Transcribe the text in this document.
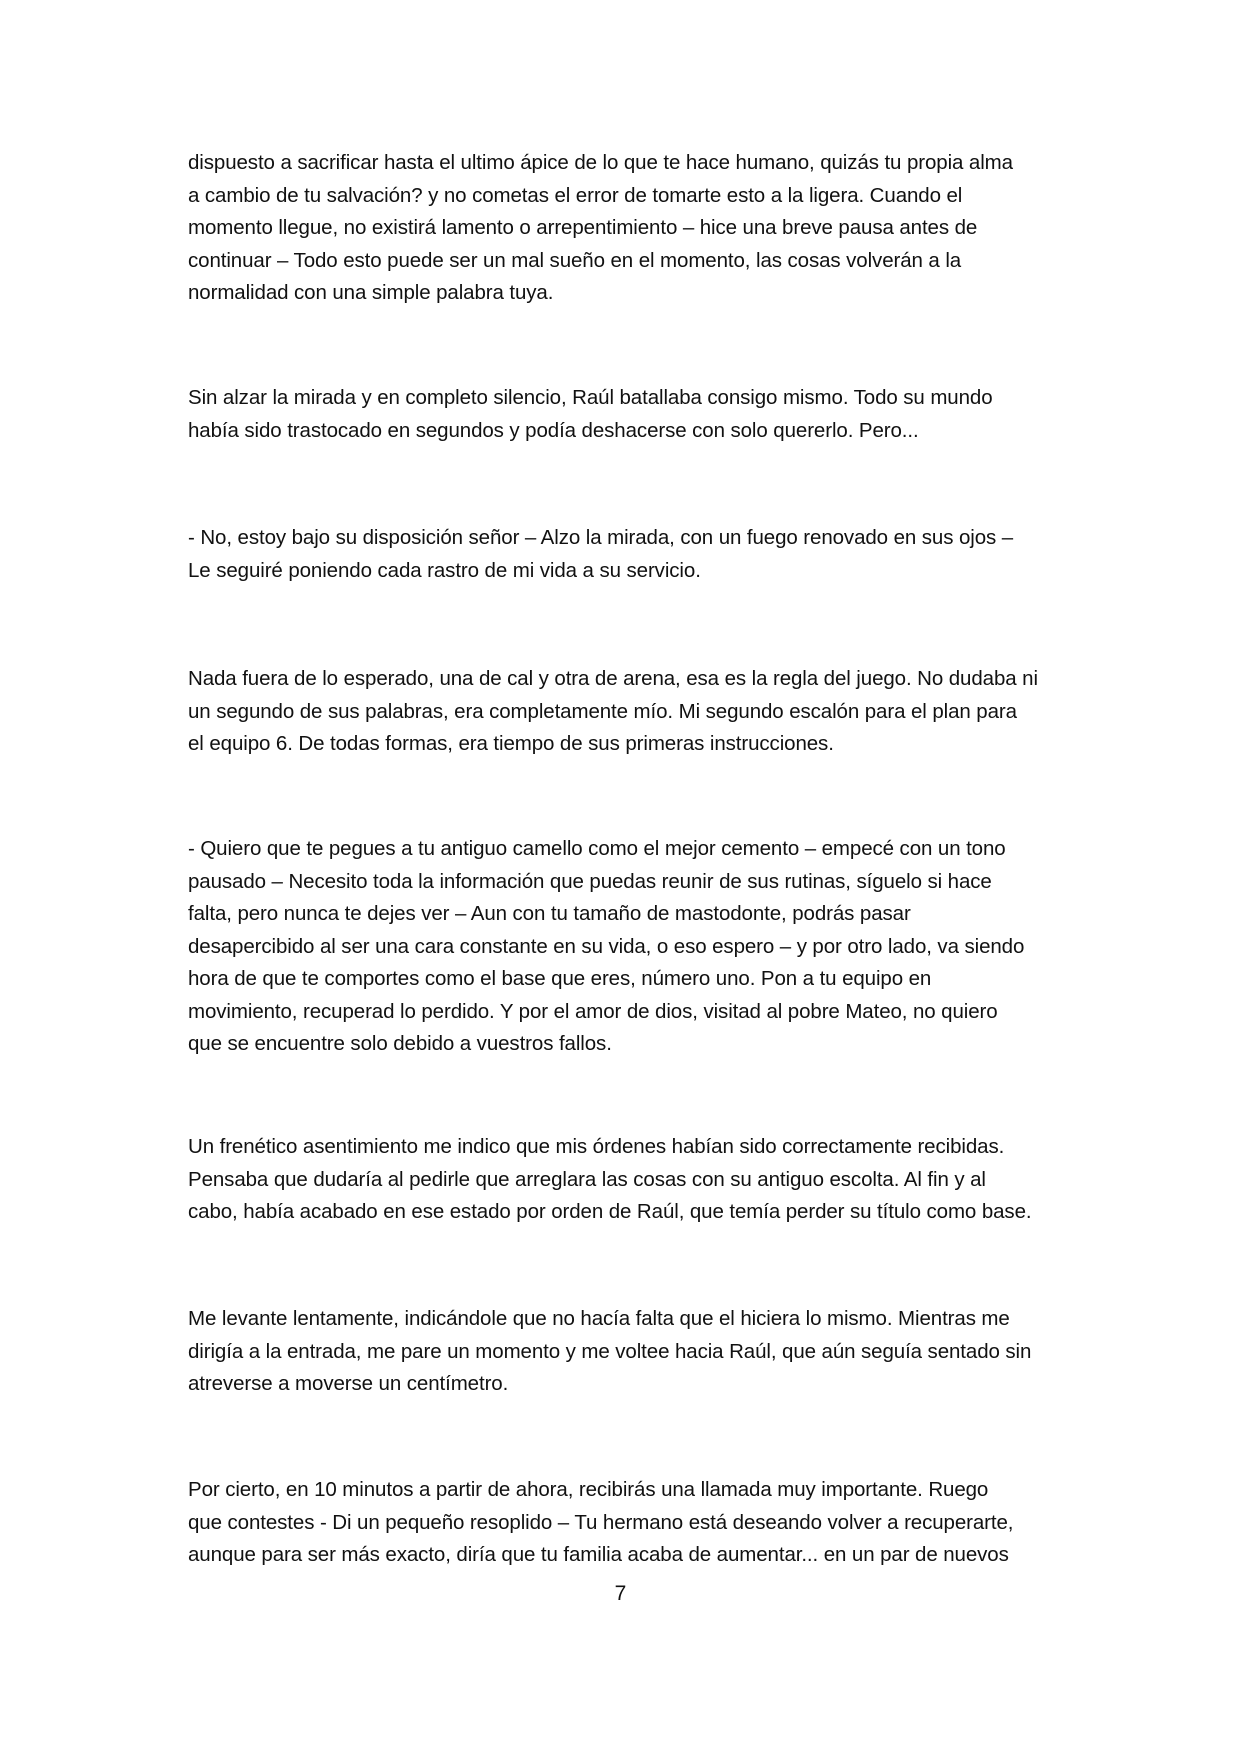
dispuesto a sacrificar hasta el ultimo ápice de lo que te hace humano, quizás tu propia alma
a cambio de tu salvación? y no cometas el error de tomarte esto a la ligera. Cuando el
momento llegue, no existirá lamento o arrepentimiento – hice una breve pausa antes de
continuar – Todo esto puede ser un mal sueño en el momento, las cosas volverán a la
normalidad con una simple palabra tuya.
Sin alzar la mirada y en completo silencio, Raúl batallaba consigo mismo. Todo su mundo
había sido trastocado en segundos y podía deshacerse con solo quererlo. Pero...
- No, estoy bajo su disposición señor – Alzo la mirada, con un fuego renovado en sus ojos –
Le seguiré poniendo cada rastro de mi vida a su servicio.
Nada fuera de lo esperado, una de cal y otra de arena, esa es la regla del juego. No dudaba ni
un segundo de sus palabras, era completamente mío. Mi segundo escalón para el plan para
el equipo 6. De todas formas, era tiempo de sus primeras instrucciones.
- Quiero que te pegues a tu antiguo camello como el mejor cemento – empecé con un tono
pausado – Necesito toda la información que puedas reunir de sus rutinas, síguelo si hace
falta, pero nunca te dejes ver – Aun con tu tamaño de mastodonte, podrás pasar
desapercibido al ser una cara constante en su vida, o eso espero – y por otro lado, va siendo
hora de que te comportes como el base que eres, número uno. Pon a tu equipo en
movimiento, recuperad lo perdido. Y por el amor de dios, visitad al pobre Mateo, no quiero
que se encuentre solo debido a vuestros fallos.
Un frenético asentimiento me indico que mis órdenes habían sido correctamente recibidas.
Pensaba que dudaría al pedirle que arreglara las cosas con su antiguo escolta. Al fin y al
cabo, había acabado en ese estado por orden de Raúl, que temía perder su título como base.
Me levante lentamente, indicándole que no hacía falta que el hiciera lo mismo. Mientras me
dirigía a la entrada, me pare un momento y me voltee hacia Raúl, que aún seguía sentado sin
atreverse a moverse un centímetro.
Por cierto, en 10 minutos a partir de ahora, recibirás una llamada muy importante. Ruego
que contestes - Di un pequeño resoplido – Tu hermano está deseando volver a recuperarte,
aunque para ser más exacto, diría que tu familia acaba de aumentar... en un par de nuevos
7
